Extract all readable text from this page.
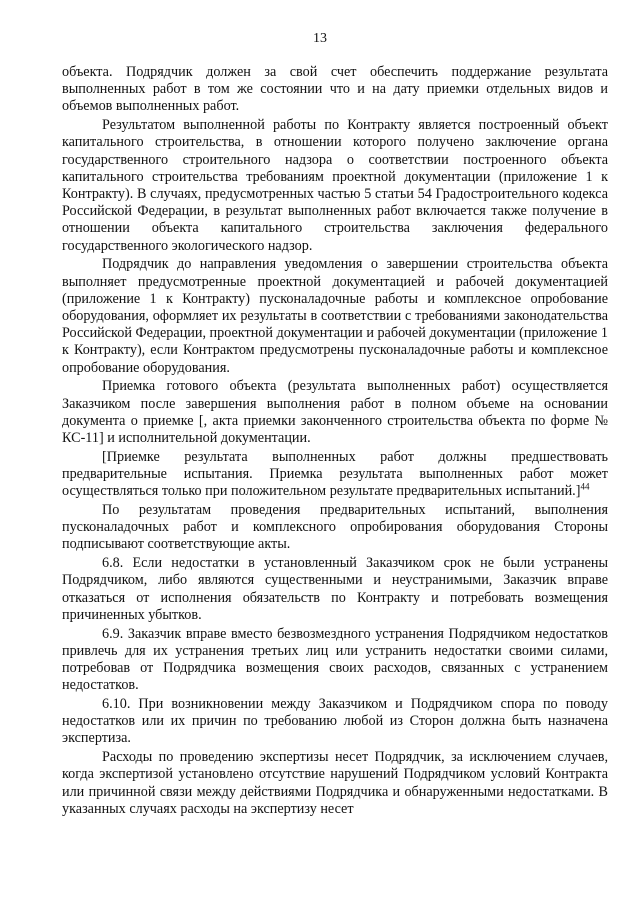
13

объекта. Подрядчик должен за свой счет обеспечить поддержание результата выполненных работ в том же состоянии что и на дату приемки отдельных видов и объемов выполненных работ.

Результатом выполненной работы по Контракту является построенный объект капитального строительства, в отношении которого получено заключение органа государственного строительного надзора о соответствии построенного объекта капитального строительства требованиям проектной документации (приложение 1 к Контракту). В случаях, предусмотренных частью 5 статьи 54 Градостроительного кодекса Российской Федерации, в результат выполненных работ включается также получение в отношении объекта капитального строительства заключения федерального государственного экологического надзор.

Подрядчик до направления уведомления о завершении строительства объекта выполняет предусмотренные проектной документацией и рабочей документацией (приложение 1 к Контракту) пусконаладочные работы и комплексное опробование оборудования, оформляет их результаты в соответствии с требованиями законодательства Российской Федерации, проектной документации и рабочей документации (приложение 1 к Контракту), если Контрактом предусмотрены пусконаладочные работы и комплексное опробование оборудования.

Приемка готового объекта (результата выполненных работ) осуществляется Заказчиком после завершения выполнения работ в полном объеме на основании документа о приемке [, акта приемки законченного строительства объекта по форме № КС-11] и исполнительной документации.

[Приемке результата выполненных работ должны предшествовать предварительные испытания. Приемка результата выполненных работ может осуществляться только при положительном результате предварительных испытаний.]$^{44}$

По результатам проведения предварительных испытаний, выполнения пусконаладочных работ и комплексного опробирования оборудования Стороны подписывают соответствующие акты.

6.8. Если недостатки в установленный Заказчиком срок не были устранены Подрядчиком, либо являются существенными и неустранимыми, Заказчик вправе отказаться от исполнения обязательств по Контракту и потребовать возмещения причиненных убытков.

6.9. Заказчик вправе вместо безвозмездного устранения Подрядчиком недостатков привлечь для их устранения третьих лиц или устранить недостатки своими силами, потребовав от Подрядчика возмещения своих расходов, связанных с устранением недостатков.

6.10. При возникновении между Заказчиком и Подрядчиком спора по поводу недостатков или их причин по требованию любой из Сторон должна быть назначена экспертиза.

Расходы по проведению экспертизы несет Подрядчик, за исключением случаев, когда экспертизой установлено отсутствие нарушений Подрядчиком условий Контракта или причинной связи между действиями Подрядчика и обнаруженными недостатками. В указанных случаях расходы на экспертизу несет
